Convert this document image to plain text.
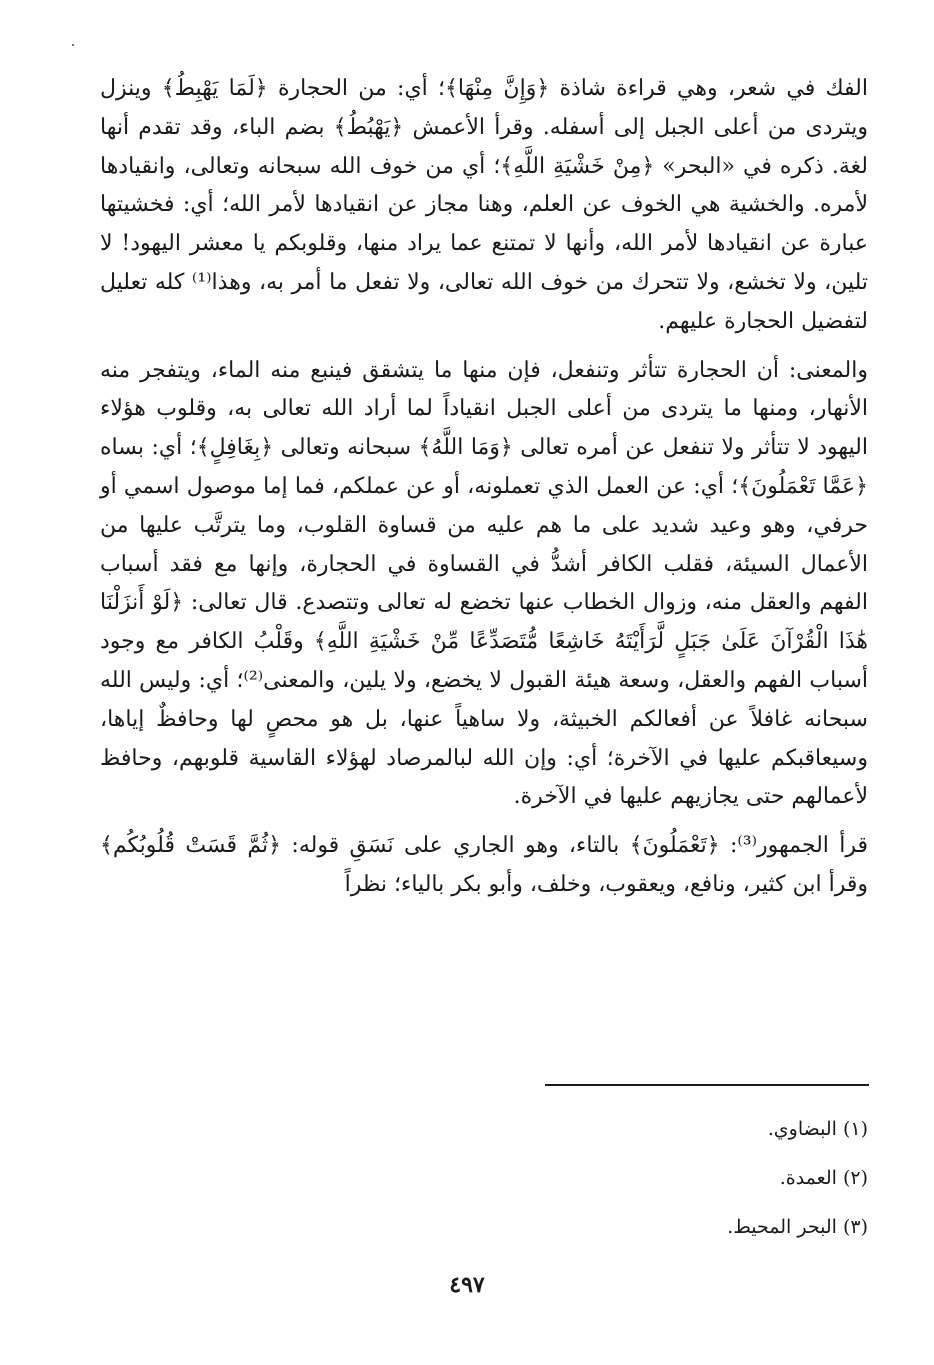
الفك في شعر، وهي قراءة شاذة ﴿وَإِنَّ مِنْهَا﴾؛ أي: من الحجارة ﴿لَمَا يَهْبِطُ﴾ وينزل ويتردى من أعلى الجبل إلى أسفله. وقرأ الأعمش ﴿يَهْبُطُ﴾ بضم الباء، وقد تقدم أنها لغة. ذكره في «البحر» ﴿مِنْ خَشْيَةِ اللَّهِ﴾؛ أي من خوف الله سبحانه وتعالى، وانقيادها لأمره. والخشية هي الخوف عن العلم، وهنا مجاز عن انقيادها لأمر الله؛ أي: فخشيتها عبارة عن انقيادها لأمر الله، وأنها لا تمتنع عما يراد منها، وقلوبكم يا معشر اليهود! لا تلين، ولا تخشع، ولا تتحرك من خوف الله تعالى، ولا تفعل ما أمر به، وهذا⁽¹⁾ كله تعليل لتفضيل الحجارة عليهم.

والمعنى: أن الحجارة تتأثر وتنفعل، فإن منها ما يتشقق فينبع منه الماء، ويتفجر منه الأنهار، ومنها ما يتردى من أعلى الجبل انقياداً لما أراد الله تعالى به، وقلوب هؤلاء اليهود لا تتأثر ولا تنفعل عن أمره تعالى ﴿وَمَا اللَّهُ﴾ سبحانه وتعالى ﴿بِغَافِلٍ﴾؛ أي: بساه ﴿عَمَّا تَعْمَلُونَ﴾؛ أي: عن العمل الذي تعملونه، أو عن عملكم، فما إما موصول اسمي أو حرفي، وهو وعيد شديد على ما هم عليه من قساوة القلوب، وما يترتَّب عليها من الأعمال السيئة، فقلب الكافر أشدُّ في القساوة في الحجارة، وإنها مع فقد أسباب الفهم والعقل منه، وزوال الخطاب عنها تخضع له تعالى وتتصدع. قال تعالى: ﴿لَوْ أَنزَلْنَا هَٰذَا الْقُرْآنَ عَلَىٰ جَبَلٍ لَّرَأَيْتَهُ خَاشِعًا مُّتَصَدِّعًا مِّنْ خَشْيَةِ اللَّهِ﴾ وقَلْبُ الكافر مع وجود أسباب الفهم والعقل، وسعة هيئة القبول لا يخضع، ولا يلين، والمعنى⁽²⁾؛ أي: وليس الله سبحانه غافلاً عن أفعالكم الخبيثة، ولا ساهياً عنها، بل هو محصٍ لها وحافظٌ إياها، وسيعاقبكم عليها في الآخرة؛ أي: وإن الله لبالمرصاد لهؤلاء القاسية قلوبهم، وحافظ لأعمالهم حتى يجازيهم عليها في الآخرة.

قرأ الجمهور⁽³⁾: ﴿تَعْمَلُونَ﴾ بالتاء، وهو الجاري على نَسَقِ قوله: ﴿ثُمَّ قَسَتْ قُلُوبُكُم﴾ وقرأ ابن كثير، ونافع، ويعقوب، وخلف، وأبو بكر بالياء؛ نظراً

(١) البضاوي.

(٢) العمدة.

(٣) البحر المحيط.

٤٩٧
